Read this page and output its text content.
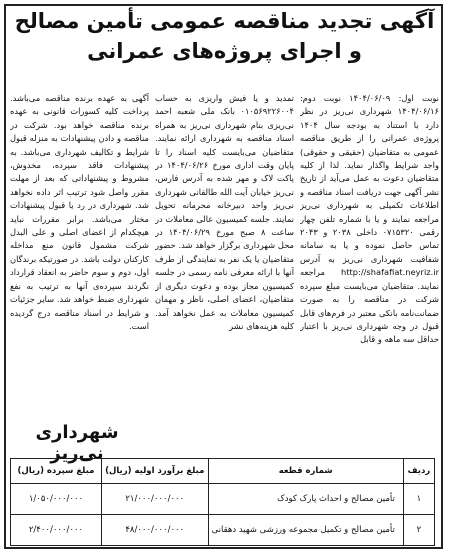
آگهی تجدید مناقصه عمومی تأمین مصالح
و اجرای پروژه‌های عمرانی

نوبت اول: ۱۴۰۴/۰۶/۰۹ نوبت دوم: ۱۴۰۴/۰۶/۱۶ شهرداری نی‌ریز در نظر دارد با استناد به بودجه سال ۱۴۰۴ پروژه‌ی عمرانی را از طریق مناقصه عمومی به متقاضیان (حقیقی و حقوقی) واجد شرایط واگذار نماید. لذا از کلیه متقاضیان دعوت به عمل می‌آید از تاریخ نشر آگهی جهت دریافت اسناد مناقصه و اطلاعات تکمیلی به شهرداری نی‌ریز مراجعه نمایند و یا با شماره تلفن چهار رقمی ۰۷۱۵۳۲۰ داخلی ۲۰۳۸ و ۲۰۴۳ تماس حاصل نموده و یا به سامانه شفافیت شهرداری نی‌ریز به آدرس http://shafafiat.neyriz.ir مراجعه نمایند. متقاضیان می‌بایست مبلغ سپرده شرکت در مناقصه را به صورت ضمانت‌نامه بانکی معتبر در فرم‌های قابل قبول در وجه شهرداری نی‌ریز با اعتبار حداقل سه ماهه و قابل

تمدید و یا فیش واریزی به حساب ۰۱۰۵۶۹۲۲۶۰۰۴ بانک ملی شعبه احمد نی‌ریزی بنام شهرداری نی‌ریز به همراه اسناد مناقصه به شهرداری ارائه نمایند. متقاضیان می‌بایست کلیه اسناد را تا پایان وقت اداری مورخ ۱۴۰۴/۰۶/۲۶ در پاکت لاک و مهر شده به آدرس فارس، نی‌ریز خیابان آیت الله طالقانی شهرداری نی‌ریز واحد دبیرخانه محرمانه تحویل نمایند. جلسه کمیسیون عالی معاملات در ساعت ۸ صبح مورخ ۱۴۰۴/۰۶/۲۹ در محل شهرداری برگزار خواهد شد. حضور متقاضیان یا یک نفر به نمایندگی از طرف آنها با ارائه معرفی نامه رسمی در جلسه کمیسیون مجاز بوده و دعوت دیگری از متقاضیان، اعضای اصلی، ناظر و مهمان کمیسیون معاملات به عمل نخواهد آمد. کلیه هزینه‌های نشر

آگهی به عهده برنده مناقصه می‌باشد. پرداخت کلیه کسورات قانونی به عهده برنده مناقصه خواهد بود. شرکت در مناقصه و دادن پیشنهادات به منزله قبول شرایط و تکالیف شهرداری می‌باشد. به پیشنهادات فاقد سپرده، مخدوش، مشروط و پیشنهاداتی که بعد از مهلت مقرر واصل شود ترتیب اثر داده نخواهد شد. شهرداری در رد یا قبول پیشنهادات مختار می‌باشد. برابر مقررات نباید هیچکدام از اعضای اصلی و علی البدل شرکت مشمول قانون منع مداخله کارکنان دولت باشد. در صورتیکه برندگان اول، دوم و سوم حاضر به انعقاد قرارداد نگردند سپرده‌ی آنها به ترتیب به نفع شهرداری ضبط خواهد شد. سایر جزئیات و شرایط در اسناد مناقصه درج گردیده است.

شهرداری نی‌ریز
ردیف	شماره قطعه	مبلغ برآورد اولیه (ریال)	مبلغ سپرده (ریال)
۱	تأمین مصالح و احداث پارک کودک	۲۱/۰۰۰/۰۰۰/۰۰۰	۱/۰۵۰/۰۰۰/۰۰۰
۲	تأمین مصالح و تکمیل مجموعه ورزشی شهید دهقانی	۴۸/۰۰۰/۰۰۰/۰۰۰	۲/۴۰۰/۰۰۰/۰۰۰
